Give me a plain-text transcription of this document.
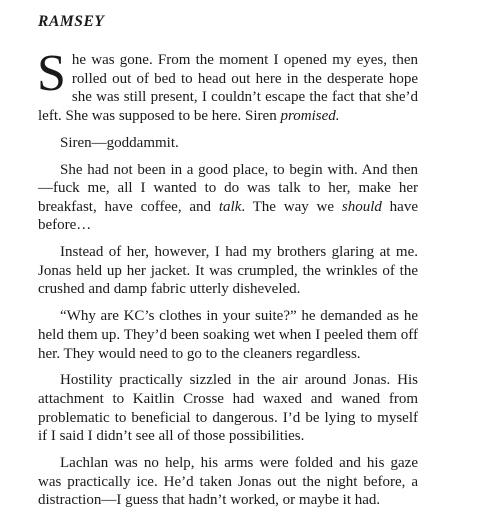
RAMSEY

She was gone. From the moment I opened my eyes, then rolled out of bed to head out here in the desperate hope she was still present, I couldn’t escape the fact that she’d left. She was supposed to be here. Siren promised.

Siren—goddammit.

She had not been in a good place, to begin with. And then —fuck me, all I wanted to do was talk to her, make her breakfast, have coffee, and talk. The way we should have before…

Instead of her, however, I had my brothers glaring at me. Jonas held up her jacket. It was crumpled, the wrinkles of the crushed and damp fabric utterly disheveled.

“Why are KC’s clothes in your suite?” he demanded as he held them up. They’d been soaking wet when I peeled them off her. They would need to go to the cleaners regardless.

Hostility practically sizzled in the air around Jonas. His attachment to Kaitlin Crosse had waxed and waned from problematic to beneficial to dangerous. I’d be lying to myself if I said I didn’t see all of those possibilities.

Lachlan was no help, his arms were folded and his gaze was practically ice. He’d taken Jonas out the night before, a distraction—I guess that hadn’t worked, or maybe it had.
